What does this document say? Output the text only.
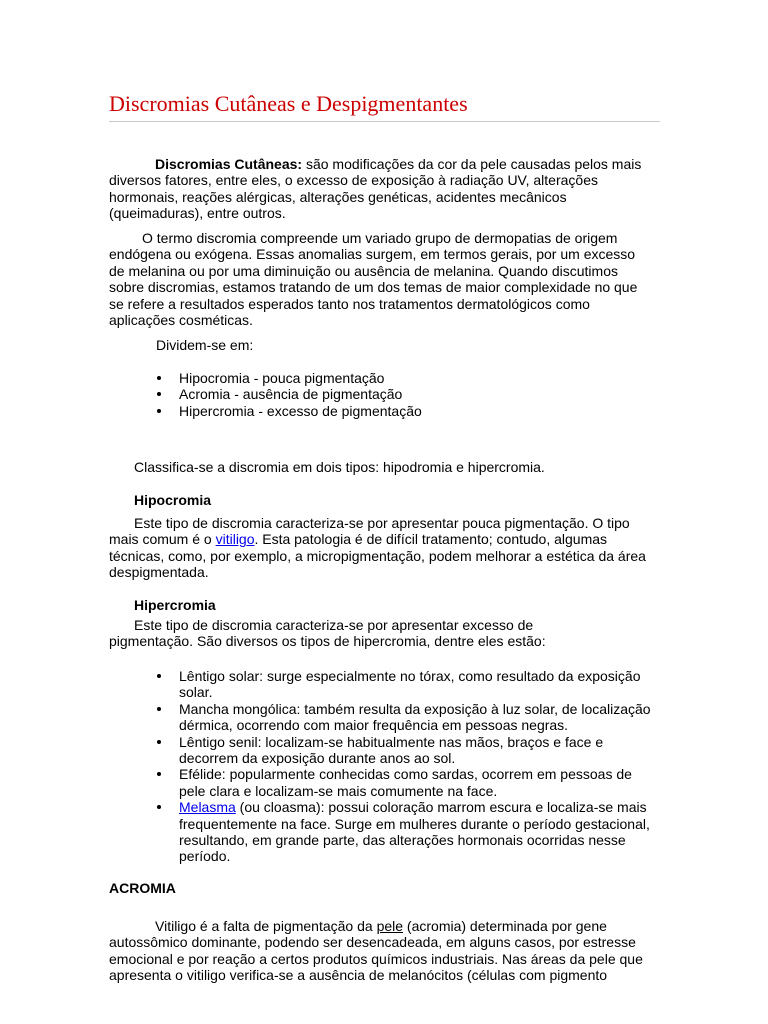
Discromias Cutâneas e Despigmentantes
Discromias Cutâneas: são modificações da cor da pele causadas pelos mais
diversos fatores, entre eles, o excesso de exposição à radiação UV, alterações
hormonais, reações alérgicas, alterações genéticas, acidentes mecânicos
(queimaduras), entre outros.
O termo discromia compreende um variado grupo de dermopatias de origem
endógena ou exógena. Essas anomalias surgem, em termos gerais, por um excesso
de melanina ou por uma diminuição ou ausência de melanina. Quando discutimos
sobre discromias, estamos tratando de um dos temas de maior complexidade no que
se refere a resultados esperados tanto nos tratamentos dermatológicos como
aplicações cosméticas.
Dividem-se em:
Hipocromia - pouca pigmentação
Acromia - ausência de pigmentação
Hipercromia - excesso de pigmentação
Classifica-se a discromia em dois tipos: hipodromia e hipercromia.
Hipocromia
Este tipo de discromia caracteriza-se por apresentar pouca pigmentação. O tipo
mais comum é o vitiligo. Esta patologia é de difícil tratamento; contudo, algumas
técnicas, como, por exemplo, a micropigmentação, podem melhorar a estética da área
despigmentada.
Hipercromia
Este tipo de discromia caracteriza-se por apresentar excesso de
pigmentação. São diversos os tipos de hipercromia, dentre eles estão:
Lêntigo solar: surge especialmente no tórax, como resultado da exposição
solar.
Mancha mongólica: também resulta da exposição à luz solar, de localização
dérmica, ocorrendo com maior frequência em pessoas negras.
Lêntigo senil: localizam-se habitualmente nas mãos, braços e face e
decorrem da exposição durante anos ao sol.
Efélide: popularmente conhecidas como sardas, ocorrem em pessoas de
pele clara e localizam-se mais comumente na face.
Melasma (ou cloasma): possui coloração marrom escura e localiza-se mais
frequentemente na face. Surge em mulheres durante o período gestacional,
resultando, em grande parte, das alterações hormonais ocorridas nesse
período.
ACROMIA
Vitiligo é a falta de pigmentação da pele (acromia) determinada por gene
autossômico dominante, podendo ser desencadeada, em alguns casos, por estresse
emocional e por reação a certos produtos químicos industriais. Nas áreas da pele que
apresenta o vitiligo verifica-se a ausência de melanócitos (células com pigmento
